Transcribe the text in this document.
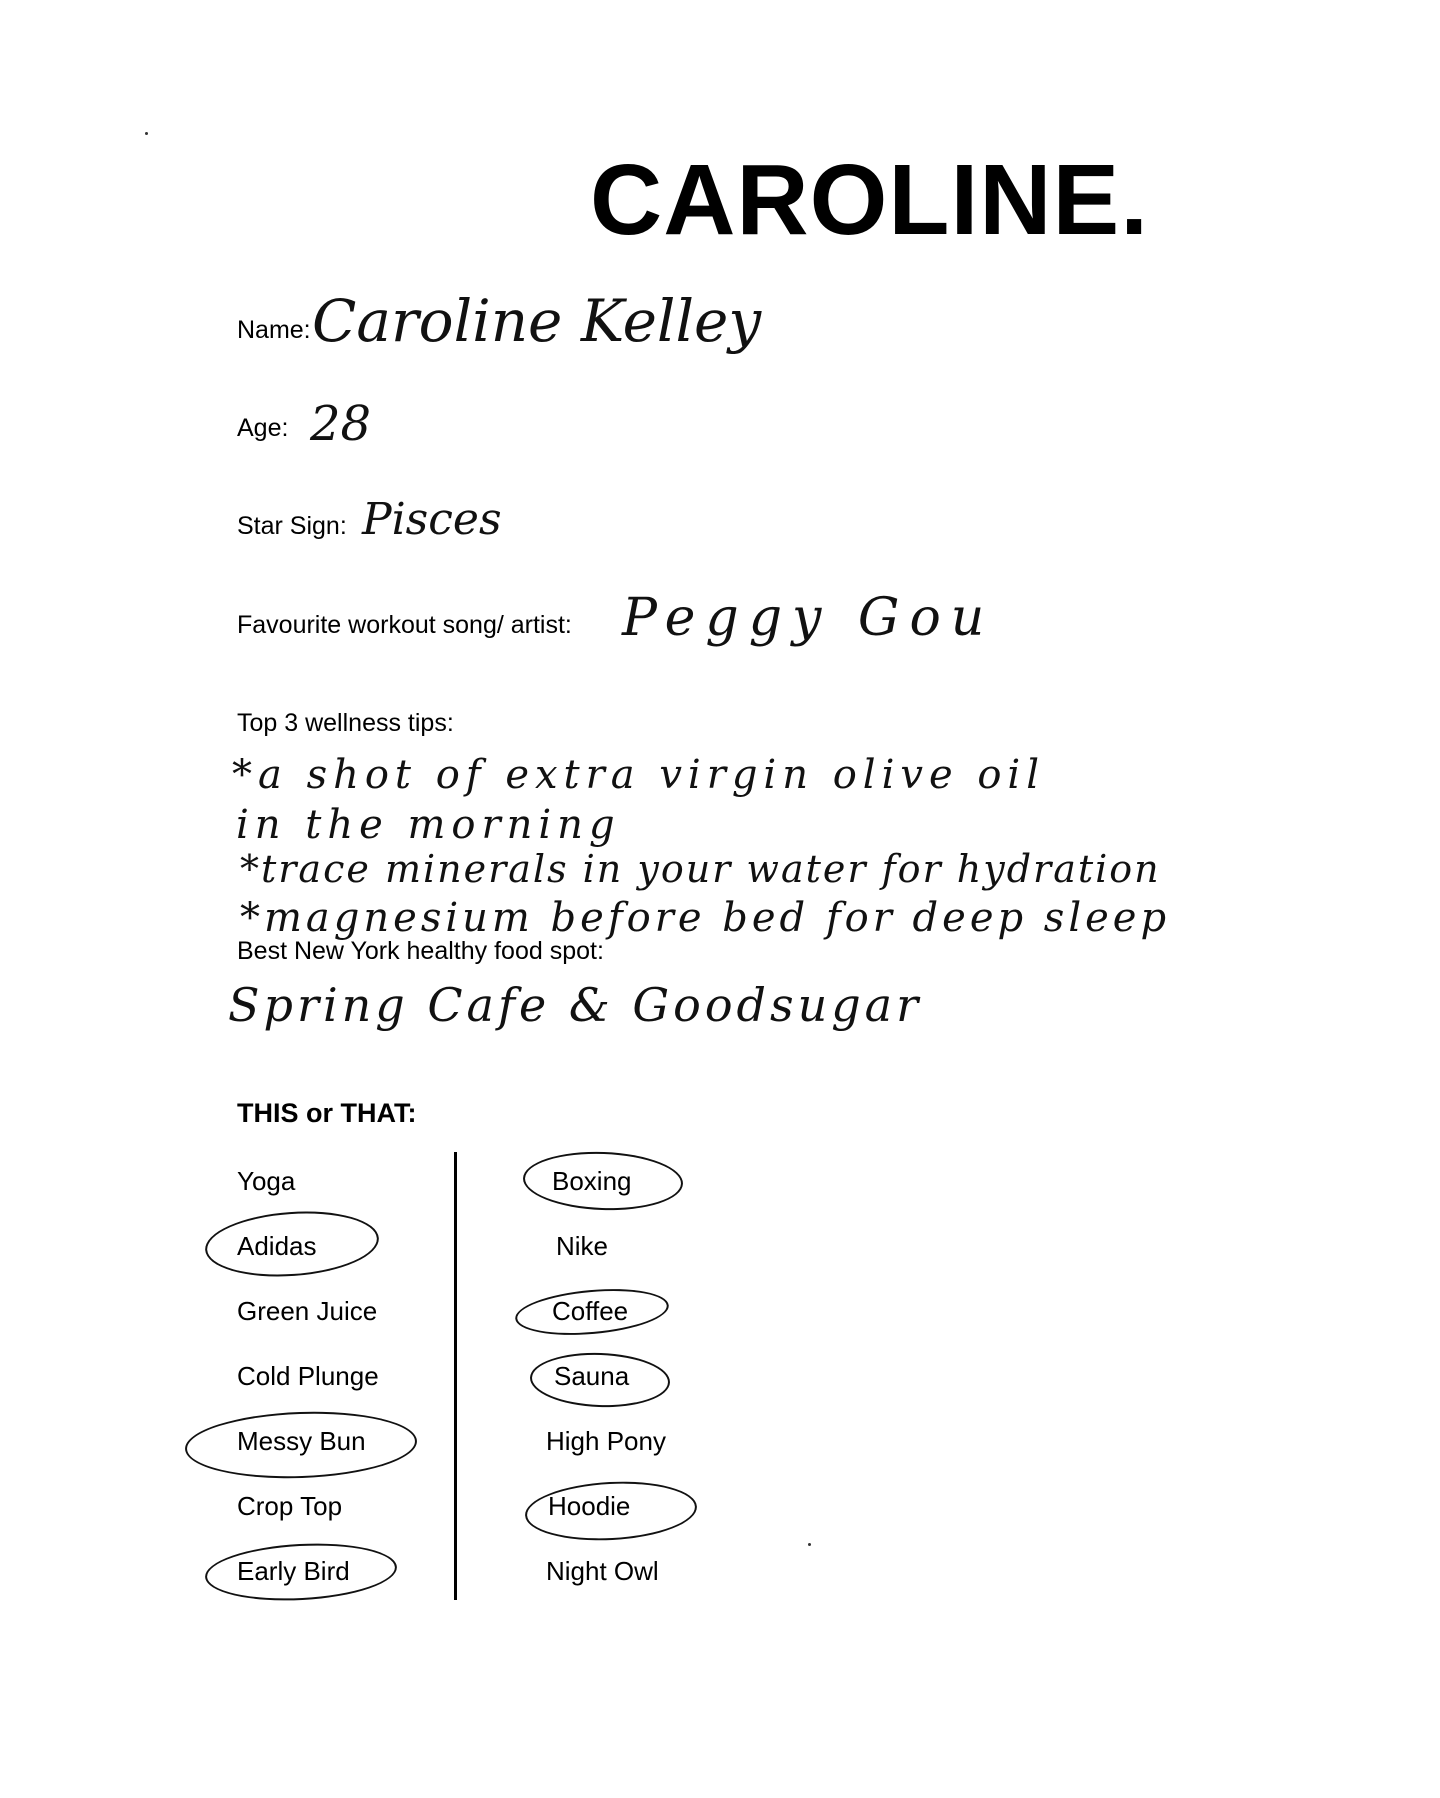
CAROLINE.
Name: Caroline Kelley
Age: 28
Star Sign: Pisces
Favourite workout song/ artist: Peggy Gou
Top 3 wellness tips:
*a shot of extra virgin olive oil
in the morning
*trace minerals in your water for hydration
*magnesium before bed for deep sleep
Best New York healthy food spot:
Spring Cafe & Goodsugar
THIS or THAT:
Yoga	Boxing
Adidas	Nike
Green Juice	Coffee
Cold Plunge	Sauna
Messy Bun	High Pony
Crop Top	Hoodie
Early Bird	Night Owl
